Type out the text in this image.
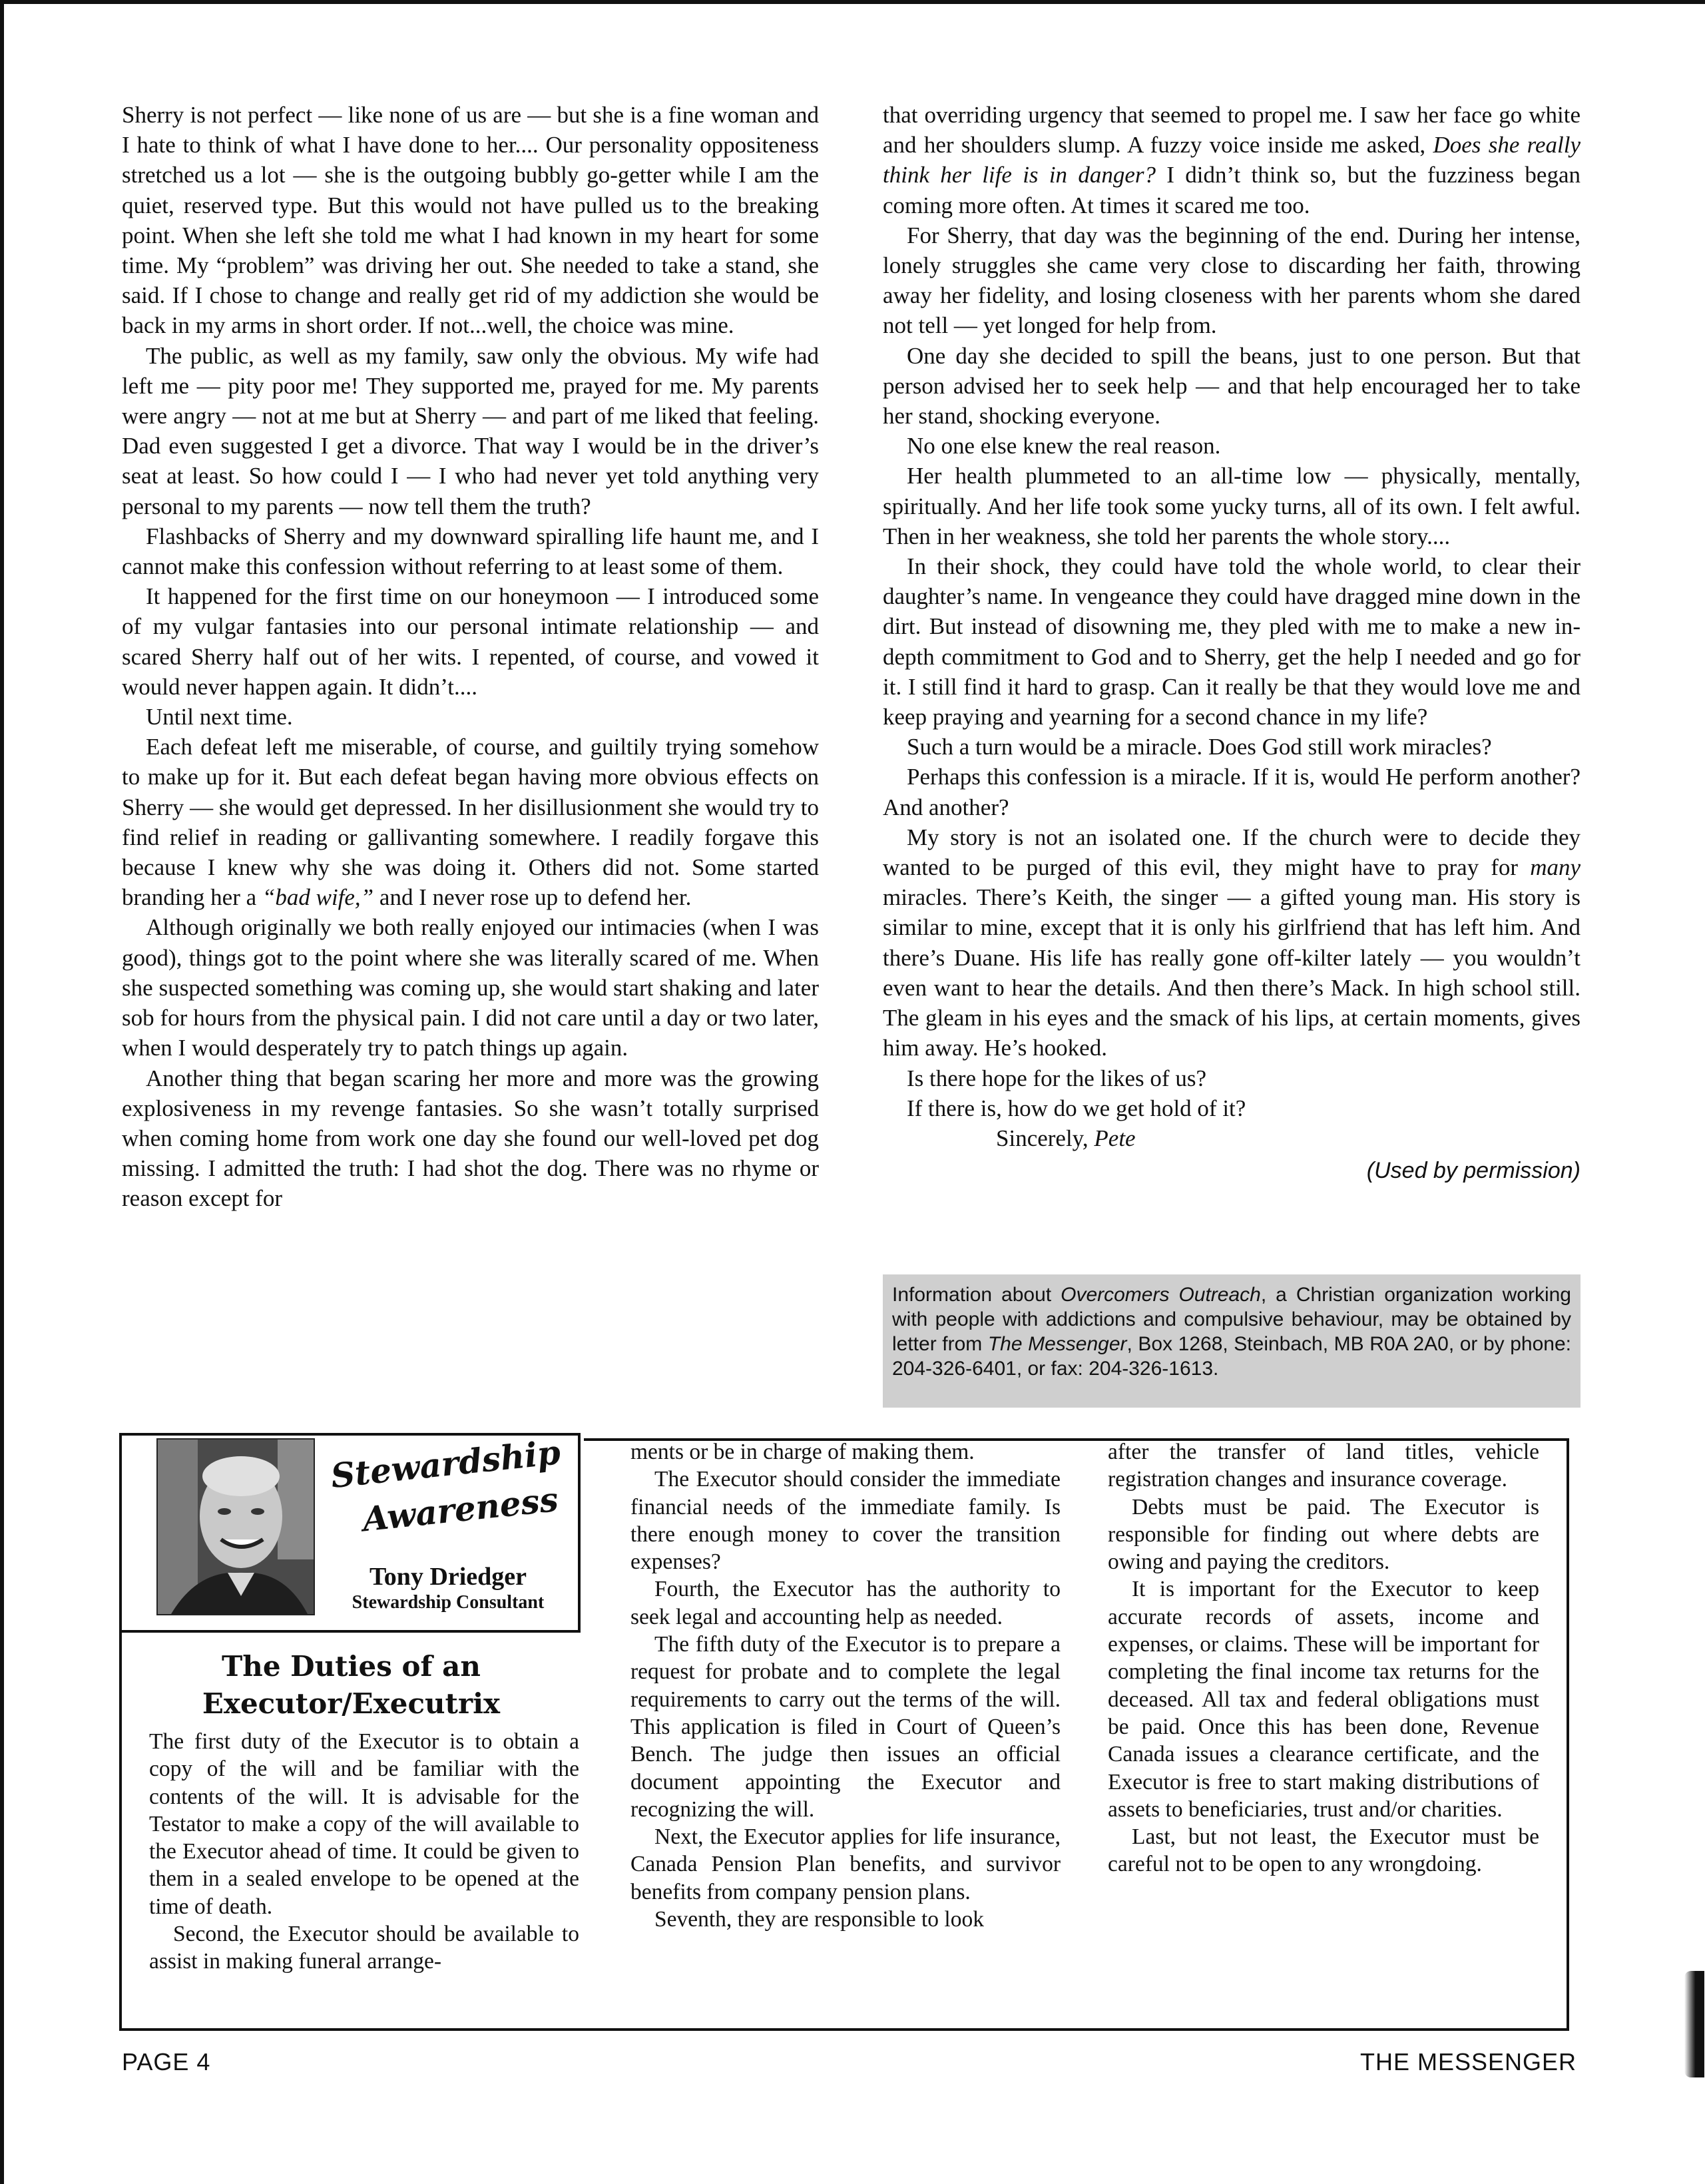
Sherry is not perfect — like none of us are — but she is a fine woman and I hate to think of what I have done to her.... Our personality oppositeness stretched us a lot — she is the outgoing bubbly go-getter while I am the quiet, reserved type. But this would not have pulled us to the breaking point. When she left she told me what I had known in my heart for some time. My “problem” was driving her out. She needed to take a stand, she said. If I chose to change and really get rid of my addiction she would be back in my arms in short order. If not...well, the choice was mine.

The public, as well as my family, saw only the obvious. My wife had left me — pity poor me! They supported me, prayed for me. My parents were angry — not at me but at Sherry — and part of me liked that feeling. Dad even suggested I get a divorce. That way I would be in the driver’s seat at least. So how could I — I who had never yet told anything very personal to my parents — now tell them the truth?

Flashbacks of Sherry and my downward spiralling life haunt me, and I cannot make this confession without referring to at least some of them.

It happened for the first time on our honeymoon — I introduced some of my vulgar fantasies into our personal intimate relationship — and scared Sherry half out of her wits. I repented, of course, and vowed it would never happen again. It didn’t....

Until next time.

Each defeat left me miserable, of course, and guiltily trying somehow to make up for it. But each defeat began having more obvious effects on Sherry — she would get depressed. In her disillusionment she would try to find relief in reading or gallivanting somewhere. I readily forgave this because I knew why she was doing it. Others did not. Some started branding her a “bad wife,” and I never rose up to defend her.

Although originally we both really enjoyed our intimacies (when I was good), things got to the point where she was literally scared of me. When she suspected something was coming up, she would start shaking and later sob for hours from the physical pain. I did not care until a day or two later, when I would desperately try to patch things up again.

Another thing that began scaring her more and more was the growing explosiveness in my revenge fantasies. So she wasn’t totally surprised when coming home from work one day she found our well-loved pet dog missing. I admitted the truth: I had shot the dog. There was no rhyme or reason except for

that overriding urgency that seemed to propel me. I saw her face go white and her shoulders slump. A fuzzy voice inside me asked, Does she really think her life is in danger? I didn’t think so, but the fuzziness began coming more often. At times it scared me too.

For Sherry, that day was the beginning of the end. During her intense, lonely struggles she came very close to discarding her faith, throwing away her fidelity, and losing closeness with her parents whom she dared not tell — yet longed for help from.

One day she decided to spill the beans, just to one person. But that person advised her to seek help — and that help encouraged her to take her stand, shocking everyone.

No one else knew the real reason.

Her health plummeted to an all-time low — physically, mentally, spiritually. And her life took some yucky turns, all of its own. I felt awful. Then in her weakness, she told her parents the whole story....

In their shock, they could have told the whole world, to clear their daughter’s name. In vengeance they could have dragged mine down in the dirt. But instead of disowning me, they pled with me to make a new in-depth commitment to God and to Sherry, get the help I needed and go for it. I still find it hard to grasp. Can it really be that they would love me and keep praying and yearning for a second chance in my life?

Such a turn would be a miracle. Does God still work miracles?

Perhaps this confession is a miracle. If it is, would He perform another? And another?

My story is not an isolated one. If the church were to decide they wanted to be purged of this evil, they might have to pray for many miracles. There’s Keith, the singer — a gifted young man. His story is similar to mine, except that it is only his girlfriend that has left him. And there’s Duane. His life has really gone off-kilter lately — you wouldn’t even want to hear the details. And then there’s Mack. In high school still. The gleam in his eyes and the smack of his lips, at certain moments, gives him away. He’s hooked.

Is there hope for the likes of us?

If there is, how do we get hold of it?

Sincerely, Pete

(Used by permission)

Information about Overcomers Outreach, a Christian organization working with people with addictions and compulsive behaviour, may be obtained by letter from The Messenger, Box 1268, Steinbach, MB R0A 2A0, or by phone: 204-326-6401, or fax: 204-326-1613.
Stewardship
Awareness
Tony Driedger
Stewardship Consultant
The Duties of an
Executor/Executrix

The first duty of the Executor is to obtain a copy of the will and be familiar with the contents of the will. It is advisable for the Testator to make a copy of the will available to the Executor ahead of time. It could be given to them in a sealed envelope to be opened at the time of death.

Second, the Executor should be available to assist in making funeral arrange-

ments or be in charge of making them.

The Executor should consider the immediate financial needs of the immediate family. Is there enough money to cover the transition expenses?

Fourth, the Executor has the authority to seek legal and accounting help as needed.

The fifth duty of the Executor is to prepare a request for probate and to complete the legal requirements to carry out the terms of the will. This application is filed in Court of Queen’s Bench. The judge then issues an official document appointing the Executor and recognizing the will.

Next, the Executor applies for life insurance, Canada Pension Plan benefits, and survivor benefits from company pension plans.

Seventh, they are responsible to look

after the transfer of land titles, vehicle registration changes and insurance coverage.

Debts must be paid. The Executor is responsible for finding out where debts are owing and paying the creditors.

It is important for the Executor to keep accurate records of assets, income and expenses, or claims. These will be important for completing the final income tax returns for the deceased. All tax and federal obligations must be paid. Once this has been done, Revenue Canada issues a clearance certificate, and the Executor is free to start making distributions of assets to beneficiaries, trust and/or charities.

Last, but not least, the Executor must be careful not to be open to any wrongdoing.

PAGE 4	THE MESSENGER
